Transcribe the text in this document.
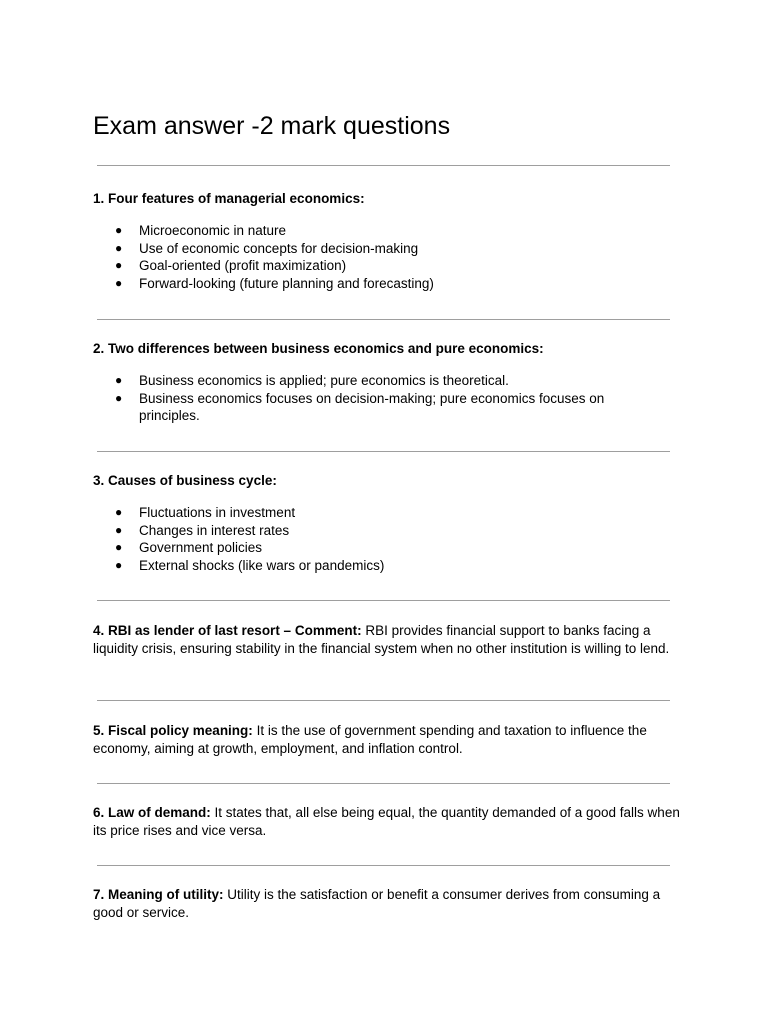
Exam answer -2 mark questions

1. Four features of managerial economics:

● Microeconomic in nature
● Use of economic concepts for decision-making
● Goal-oriented (profit maximization)
● Forward-looking (future planning and forecasting)

2. Two differences between business economics and pure economics:

● Business economics is applied; pure economics is theoretical.
● Business economics focuses on decision-making; pure economics focuses on principles.

3. Causes of business cycle:

● Fluctuations in investment
● Changes in interest rates
● Government policies
● External shocks (like wars or pandemics)

4. RBI as lender of last resort – Comment: RBI provides financial support to banks facing a liquidity crisis, ensuring stability in the financial system when no other institution is willing to lend.

5. Fiscal policy meaning: It is the use of government spending and taxation to influence the economy, aiming at growth, employment, and inflation control.

6. Law of demand: It states that, all else being equal, the quantity demanded of a good falls when its price rises and vice versa.

7. Meaning of utility: Utility is the satisfaction or benefit a consumer derives from consuming a good or service.
